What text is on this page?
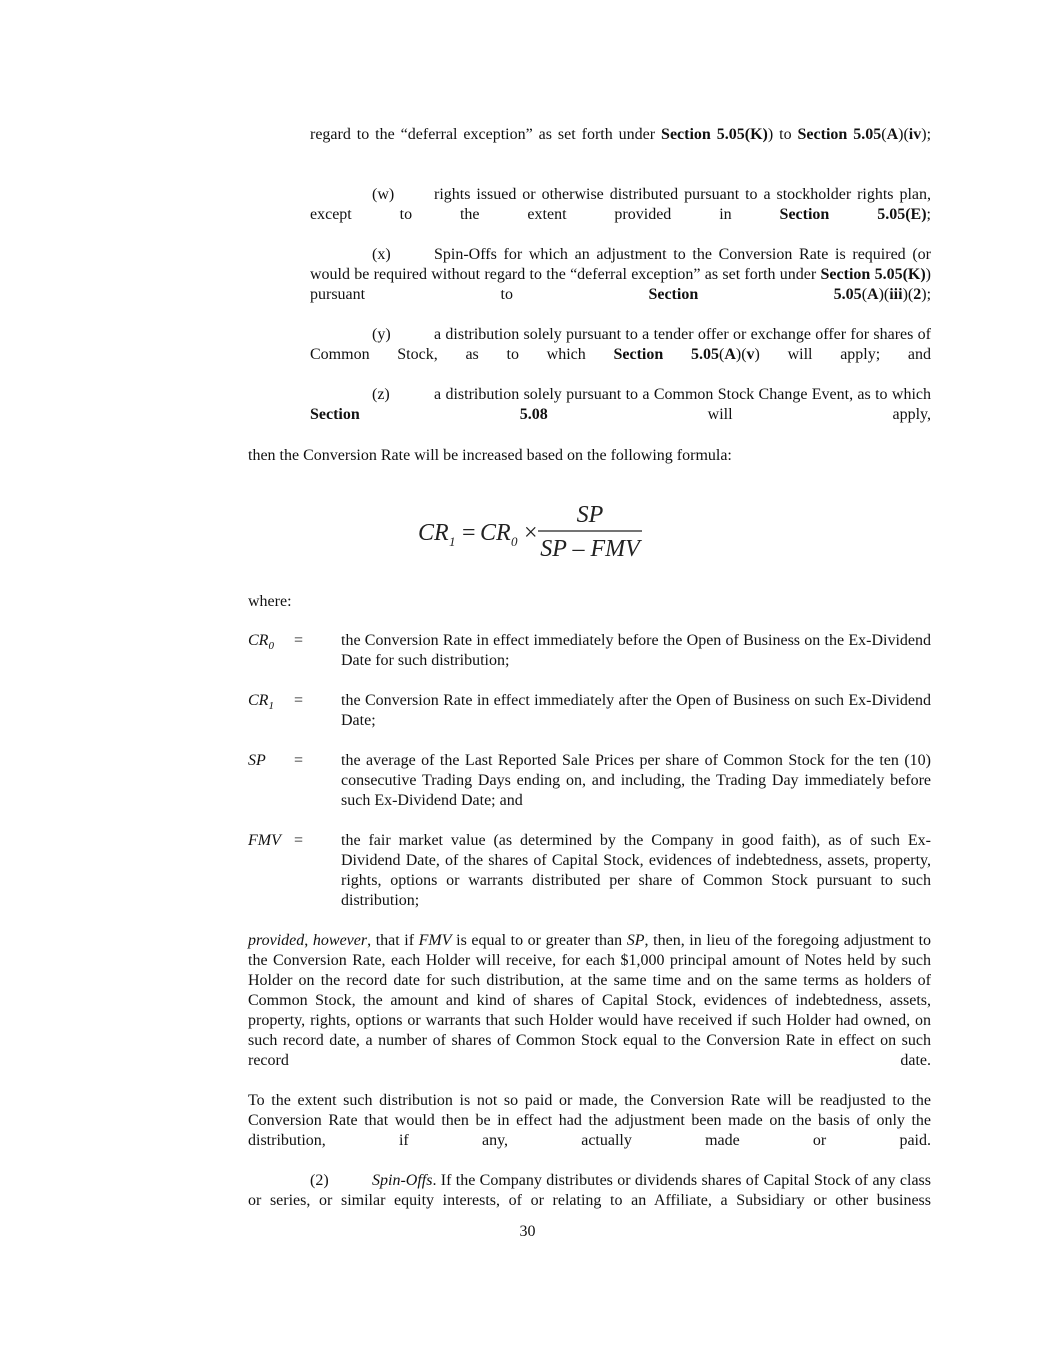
regard to the “deferral exception” as set forth under Section 5.05(K)) to Section 5.05(A)(iv);
(w) rights issued or otherwise distributed pursuant to a stockholder rights plan, except to the extent provided in Section 5.05(E);
(x)	Spin-Offs for which an adjustment to the Conversion Rate is required (or would be required without regard to the “deferral exception” as set forth under Section 5.05(K)) pursuant to Section 5.05(A)(iii)(2);
(y)	a distribution solely pursuant to a tender offer or exchange offer for shares of Common Stock, as to which Section 5.05(A)(v) will apply; and
(z)	a distribution solely pursuant to a Common Stock Change Event, as to which Section 5.08 will apply,
then the Conversion Rate will be increased based on the following formula:
CR 1 = CR 0 ×
SP
SP – FMV
where:
$CR_0$	=	the Conversion Rate in effect immediately before the Open of Business on the Ex-Dividend Date for such distribution;
$CR_1$	=	the Conversion Rate in effect immediately after the Open of Business on such Ex-Dividend Date;
SP	=	the average of the Last Reported Sale Prices per share of Common Stock for the ten (10) consecutive Trading Days ending on, and including, the Trading Day immediately before such Ex-Dividend Date; and
FMV =	the fair market value (as determined by the Company in good faith), as of such Ex-Dividend Date, of the shares of Capital Stock, evidences of indebtedness, assets, property, rights, options or warrants distributed per share of Common Stock pursuant to such distribution;
provided, however, that if FMV is equal to or greater than SP, then, in lieu of the foregoing adjustment to the Conversion Rate, each Holder will receive, for each $1,000 principal amount of Notes held by such Holder on the record date for such distribution, at the same time and on the same terms as holders of Common Stock, the amount and kind of shares of Capital Stock, evidences of indebtedness, assets, property, rights, options or warrants that such Holder would have received if such Holder had owned, on such record date, a number of shares of Common Stock equal to the Conversion Rate in effect on such record date.
To the extent such distribution is not so paid or made, the Conversion Rate will be readjusted to the Conversion Rate that would then be in effect had the adjustment been made on the basis of only the distribution, if any, actually made or paid.
(2)	Spin-Offs. If the Company distributes or dividends shares of Capital Stock of any class or series, or similar equity interests, of or relating to an Affiliate, a Subsidiary or other business
30
